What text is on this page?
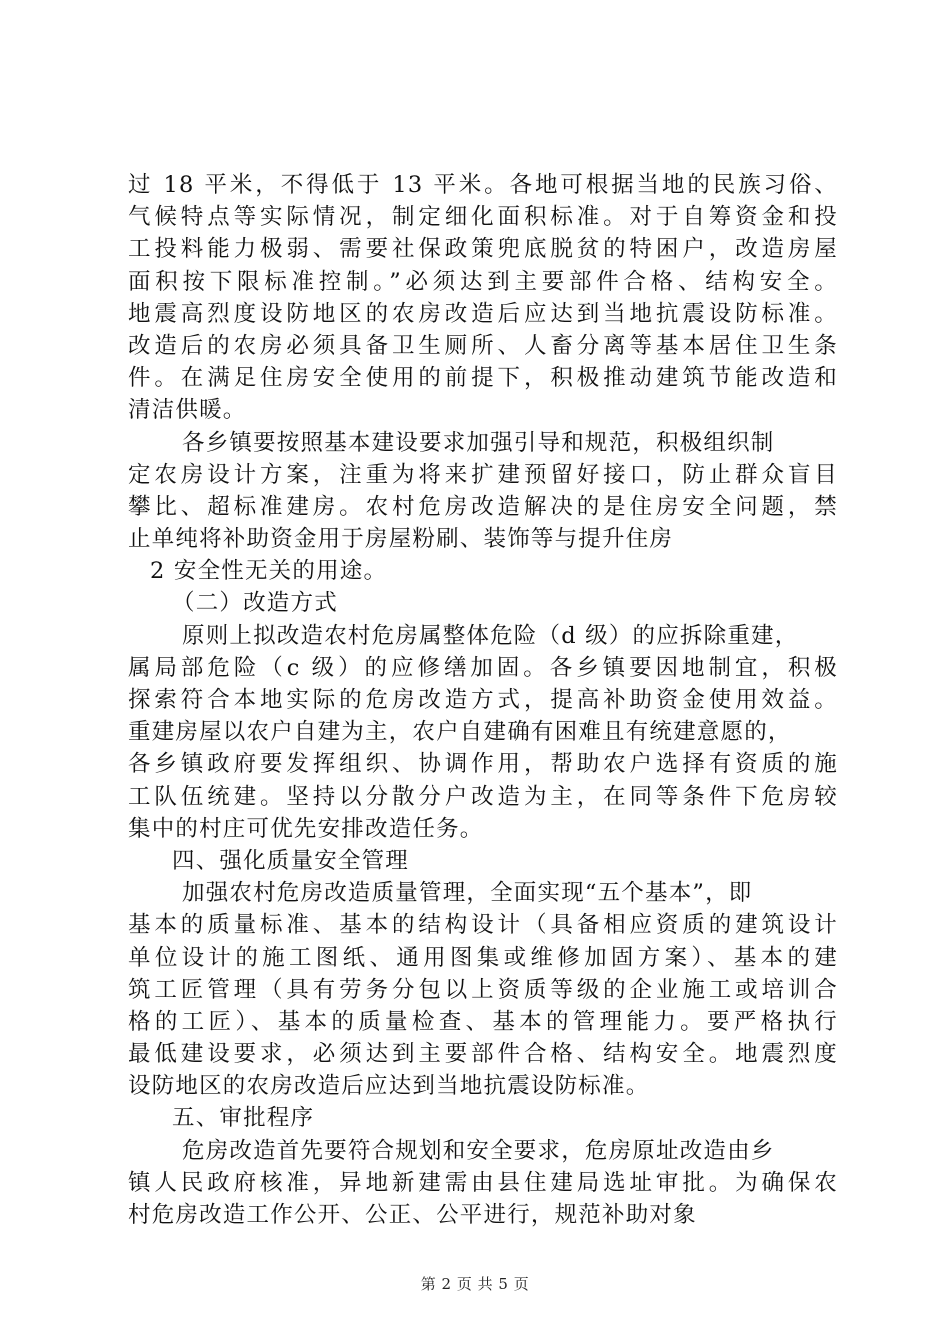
过 18 平米，不得低于 13 平米。各地可根据当地的民族习俗、
气候特点等实际情况，制定细化面积标准。对于自筹资金和投
工投料能力极弱、需要社保政策兜底脱贫的特困户，改造房屋
面积按下限标准控制。”必须达到主要部件合格、结构安全。
地震高烈度设防地区的农房改造后应达到当地抗震设防标准。
改造后的农房必须具备卫生厕所、人畜分离等基本居住卫生条
件。在满足住房安全使用的前提下，积极推动建筑节能改造和
清洁供暖。
各乡镇要按照基本建设要求加强引导和规范，积极组织制
定农房设计方案，注重为将来扩建预留好接口，防止群众盲目
攀比、超标准建房。农村危房改造解决的是住房安全问题，禁
止单纯将补助资金用于房屋粉刷、装饰等与提升住房
2 安全性无关的用途。
（二）改造方式
原则上拟改造农村危房属整体危险（d 级）的应拆除重建，
属局部危险（c 级）的应修缮加固。各乡镇要因地制宜，积极
探索符合本地实际的危房改造方式，提高补助资金使用效益。
重建房屋以农户自建为主，农户自建确有困难且有统建意愿的，
各乡镇政府要发挥组织、协调作用，帮助农户选择有资质的施
工队伍统建。坚持以分散分户改造为主，在同等条件下危房较
集中的村庄可优先安排改造任务。
四、强化质量安全管理
加强农村危房改造质量管理，全面实现“五个基本”，即
基本的质量标准、基本的结构设计（具备相应资质的建筑设计
单位设计的施工图纸、通用图集或维修加固方案）、基本的建
筑工匠管理（具有劳务分包以上资质等级的企业施工或培训合
格的工匠）、基本的质量检查、基本的管理能力。要严格执行
最低建设要求，必须达到主要部件合格、结构安全。地震烈度
设防地区的农房改造后应达到当地抗震设防标准。
五、审批程序
危房改造首先要符合规划和安全要求，危房原址改造由乡
镇人民政府核准，异地新建需由县住建局选址审批。为确保农
村危房改造工作公开、公正、公平进行，规范补助对象
第 2 页 共 5 页
